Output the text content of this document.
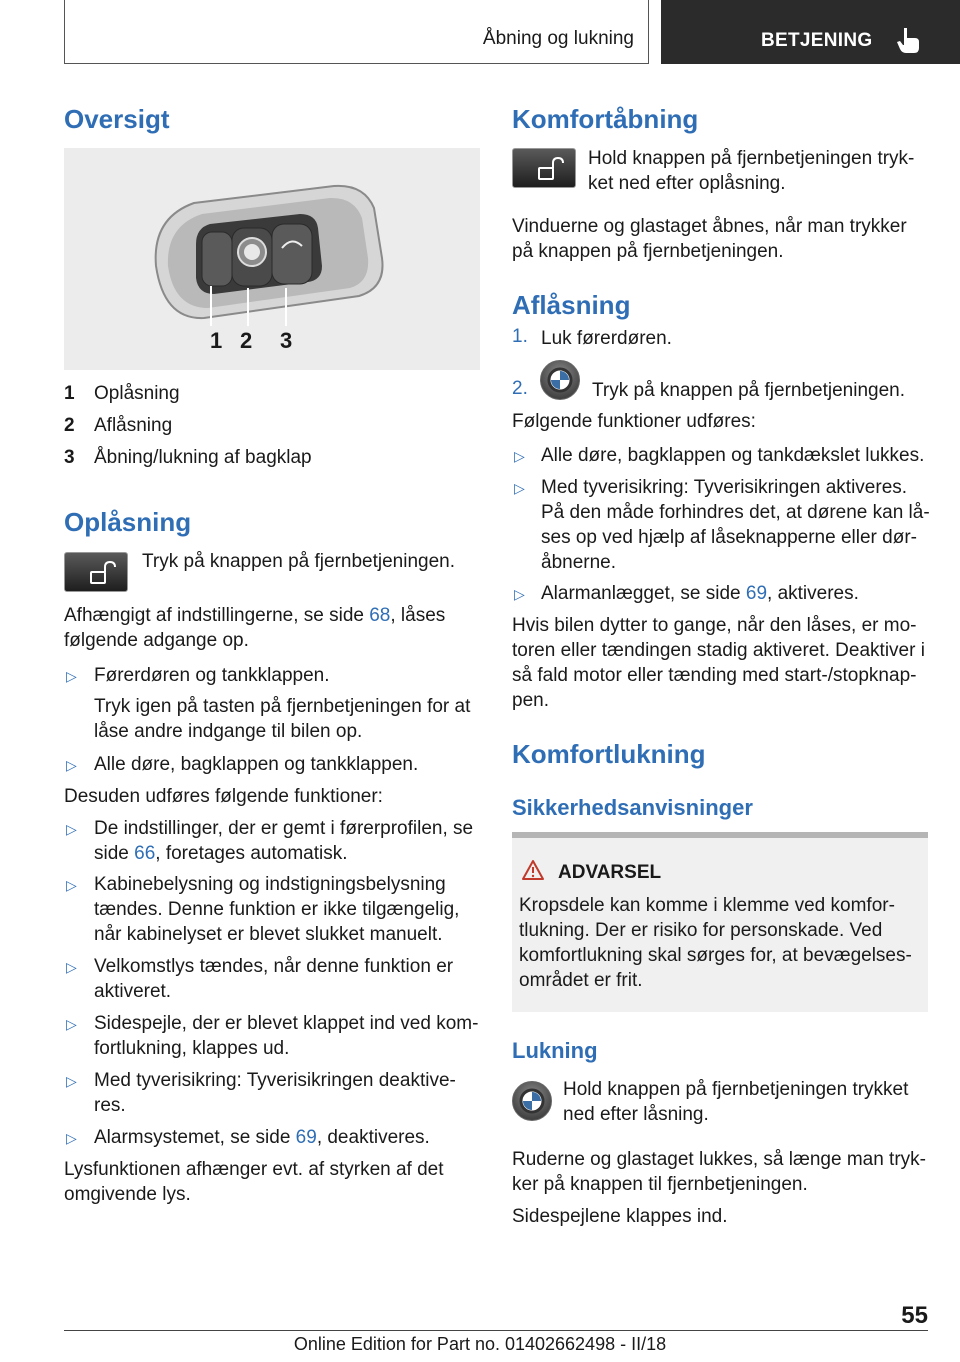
Åbning og lukning	BETJENING
Oversigt
1 2 3
1 Oplåsning
2 Aflåsning
3 Åbning/lukning af bagklap
Oplåsning
Tryk på knappen på fjernbetjeningen.
Afhængigt af indstillingerne, se side 68, låses
følgende adgange op.
▷ Førerdøren og tankklappen.
Tryk igen på tasten på fjernbetjeningen for at
låse andre indgange til bilen op.
▷ Alle døre, bagklappen og tankklappen.
Desuden udføres følgende funktioner:
▷ De indstillinger, der er gemt i førerprofilen, se
side 66, foretages automatisk.
▷ Kabinebelysning og indstigningsbelysning
tændes. Denne funktion er ikke tilgængelig,
når kabinelyset er blevet slukket manuelt.
▷ Velkomstlys tændes, når denne funktion er
aktiveret.
▷ Sidespejle, der er blevet klappet ind ved kom-
fortlukning, klappes ud.
▷ Med tyverisikring: Tyverisikringen deaktive-
res.
▷ Alarmsystemet, se side 69, deaktiveres.
Lysfunktionen afhænger evt. af styrken af det
omgivende lys.
Komfortåbning
Hold knappen på fjernbetjeningen tryk-
ket ned efter oplåsning.
Vinduerne og glastaget åbnes, når man trykker
på knappen på fjernbetjeningen.
Aflåsning
1. Luk førerdøren.
2.	Tryk på knappen på fjernbetjeningen.
Følgende funktioner udføres:
▷ Alle døre, bagklappen og tankdækslet lukkes.
▷ Med tyverisikring: Tyverisikringen aktiveres.
På den måde forhindres det, at dørene kan lå-
ses op ved hjælp af låseknapperne eller dør-
åbnerne.
▷ Alarmanlægget, se side 69, aktiveres.
Hvis bilen dytter to gange, når den låses, er mo-
toren eller tændingen stadig aktiveret. Deaktiver i
så fald motor eller tænding med start-/stopknap-
pen.
Komfortlukning
Sikkerhedsanvisninger
ADVARSEL
Kropsdele kan komme i klemme ved komfor-
tlukning. Der er risiko for personskade. Ved
komfortlukning skal sørges for, at bevægelses-
området er frit.
Lukning
Hold knappen på fjernbetjeningen trykket
ned efter låsning.
Ruderne og glastaget lukkes, så længe man tryk-
ker på knappen til fjernbetjeningen.
Sidespejlene klappes ind.
55
Online Edition for Part no. 01402662498 - II/18
